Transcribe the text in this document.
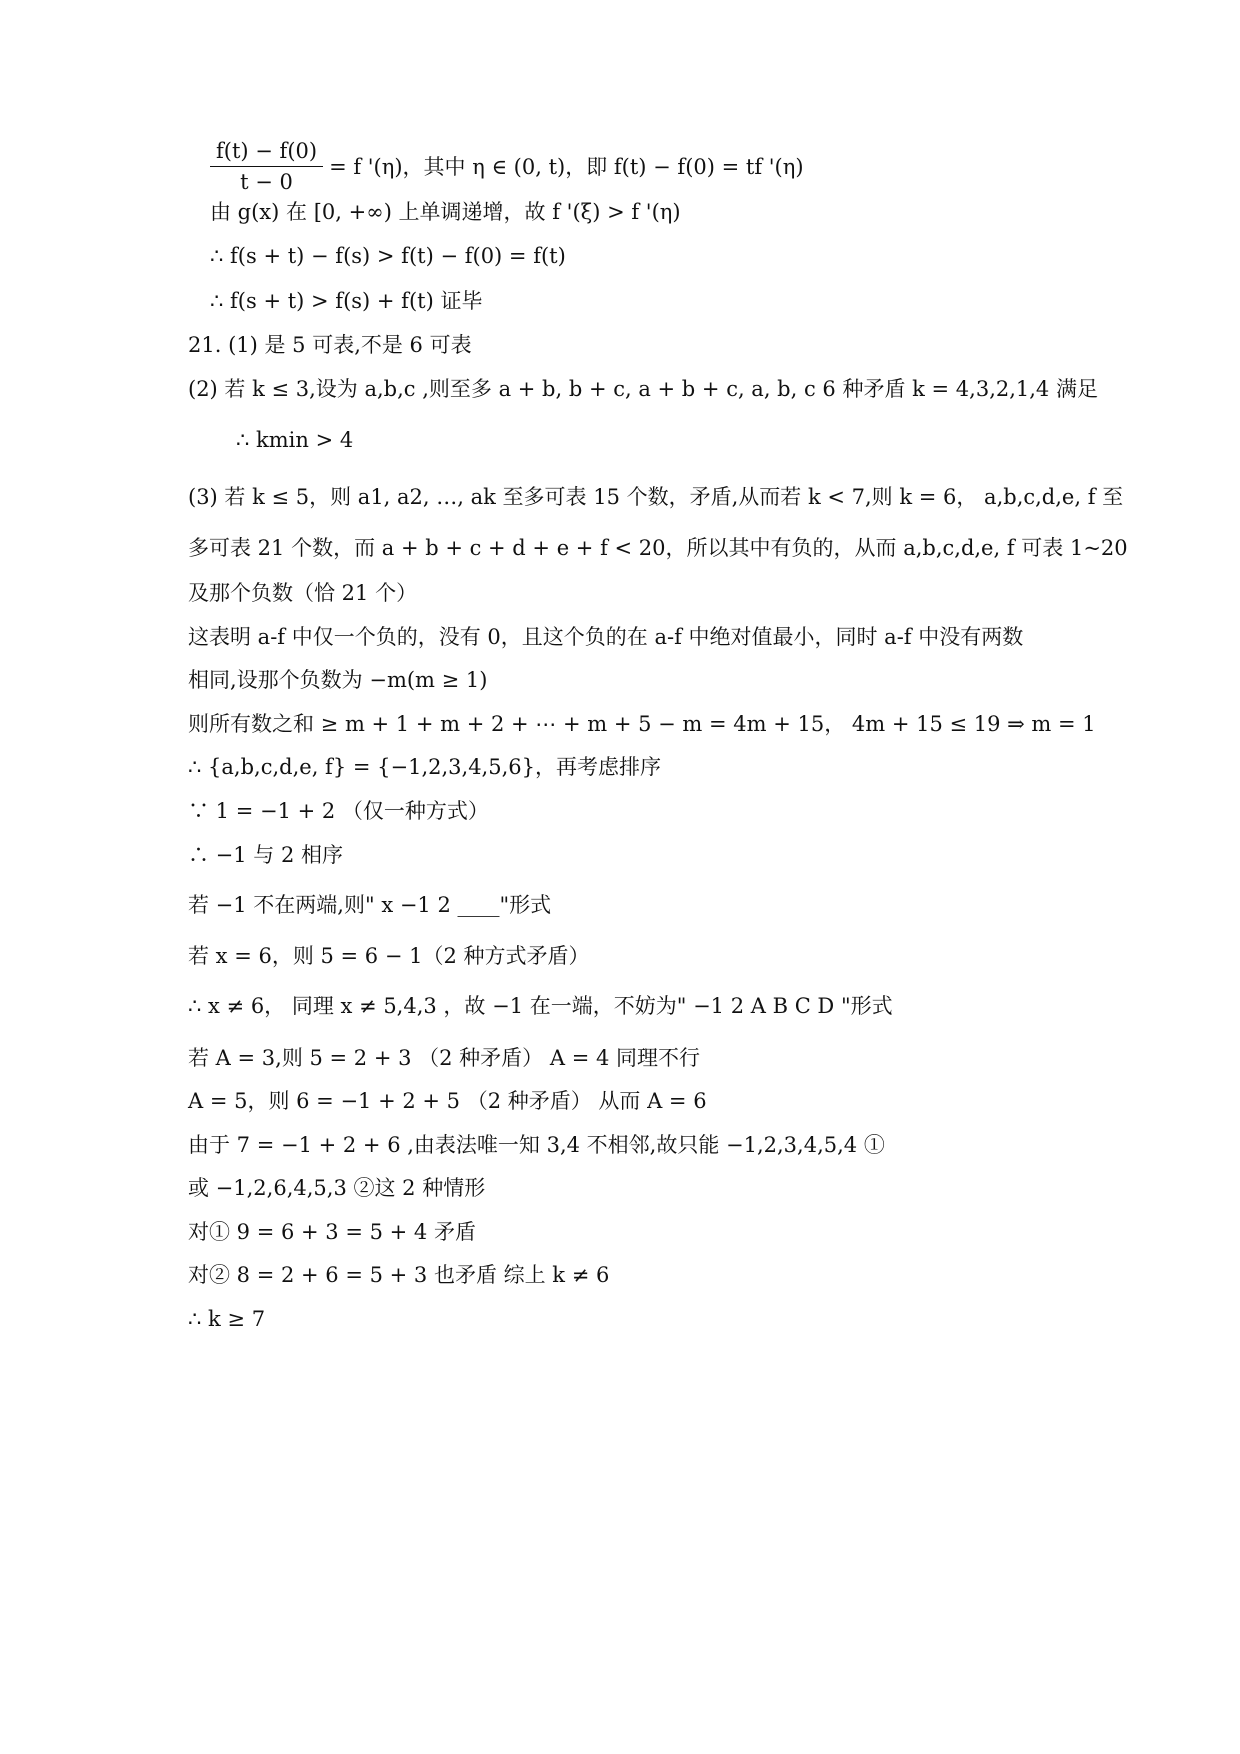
$\frac{f(t) - f(0)}{t - 0} = f$ '(η)，其中 η ∈ (0, t)，即 f(t) − f(0) = tf '(η)
由 g(x) 在 [0, +∞) 上单调递增，故 f '(ξ) > f '(η)
∴ f(s + t) − f(s) > f(t) − f(0) = f(t)
∴ f(s + t) > f(s) + f(t) 证毕
21. (1) 是 5 可表,不是 6 可表
(2) 若 k ≤ 3,设为 a,b,c ,则至多 a + b, b + c, a + b + c, a, b, c 6 种矛盾 k = 4,3,2,1,4 满足
∴ kmin > 4
(3) 若 k ≤ 5，则 a1, a2, …, ak 至多可表 15 个数，矛盾,从而若 k < 7,则 k = 6， a,b,c,d,e, f 至
多可表 21 个数，而 a + b + c + d + e + f < 20，所以其中有负的，从而 a,b,c,d,e, f 可表 1~20
及那个负数（恰 21 个）
这表明 a-f 中仅一个负的，没有 0，且这个负的在 a-f 中绝对值最小，同时 a-f 中没有两数
相同,设那个负数为 −m(m ≥ 1)
则所有数之和 ≥ m + 1 + m + 2 + ⋯ + m + 5 − m = 4m + 15， 4m + 15 ≤ 19 ⇒ m = 1
∴ {a,b,c,d,e, f} = {−1,2,3,4,5,6}，再考虑排序
∵ 1 = −1 + 2 （仅一种方式）
∴ −1 与 2 相序
若 −1 不在两端,则" x −1 2 ____"形式
若 x = 6，则 5 = 6 − 1（2 种方式矛盾）
∴ x ≠ 6， 同理 x ≠ 5,4,3 ，故 −1 在一端，不妨为" −1 2 A B C D "形式
若 A = 3,则 5 = 2 + 3 （2 种矛盾） A = 4 同理不行
A = 5，则 6 = −1 + 2 + 5 （2 种矛盾） 从而 A = 6
由于 7 = −1 + 2 + 6 ,由表法唯一知 3,4 不相邻,故只能 −1,2,3,4,5,4 ①
或 −1,2,6,4,5,3 ②这 2 种情形
对① 9 = 6 + 3 = 5 + 4 矛盾
对② 8 = 2 + 6 = 5 + 3 也矛盾 综上 k ≠ 6
∴ k ≥ 7
